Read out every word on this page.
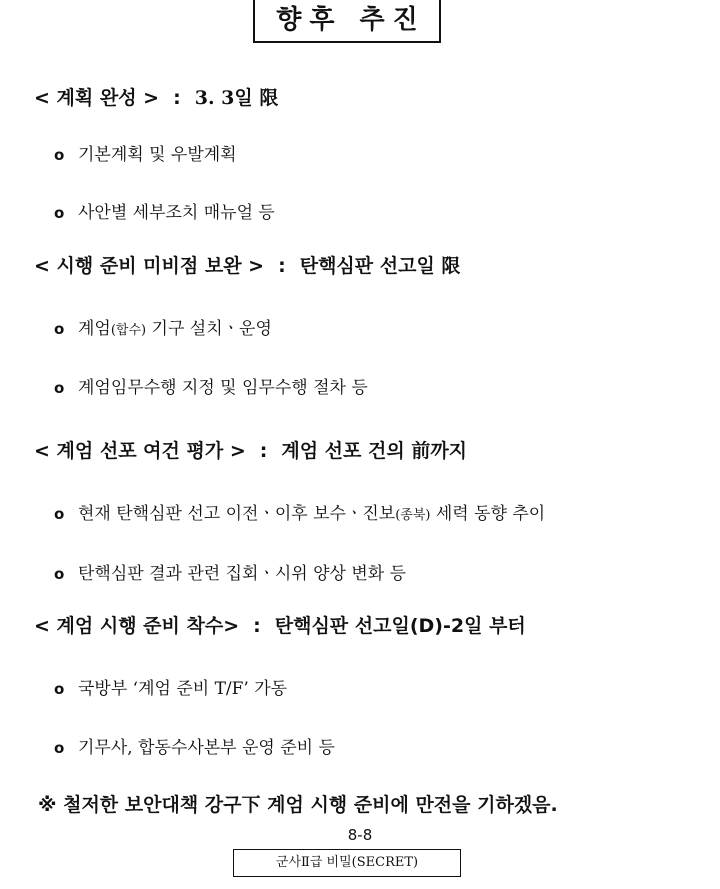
향후 추진
< 계획 완성 > : 3. 3일 限
o 기본계획 및 우발계획
o 사안별 세부조치 매뉴얼 등
< 시행 준비 미비점 보완 > : 탄핵심판 선고일 限
o 계엄(합수) 기구 설치ㆍ운영
o 계엄임무수행 지정 및 임무수행 절차 등
< 계엄 선포 여건 평가 > : 계엄 선포 건의 前까지
o 현재 탄핵심판 선고 이전ㆍ이후 보수ㆍ진보(종북) 세력 동향 추이
o 탄핵심판 결과 관련 집회ㆍ시위 양상 변화 등
< 계엄 시행 준비 착수> : 탄핵심판 선고일(D)-2일 부터
o 국방부 ‘계엄 준비 T/F’ 가동
o 기무사, 합동수사본부 운영 준비 등
※ 철저한 보안대책 강구下 계엄 시행 준비에 만전을 기하겠음.
8-8
군사Ⅱ급 비밀(SECRET)
